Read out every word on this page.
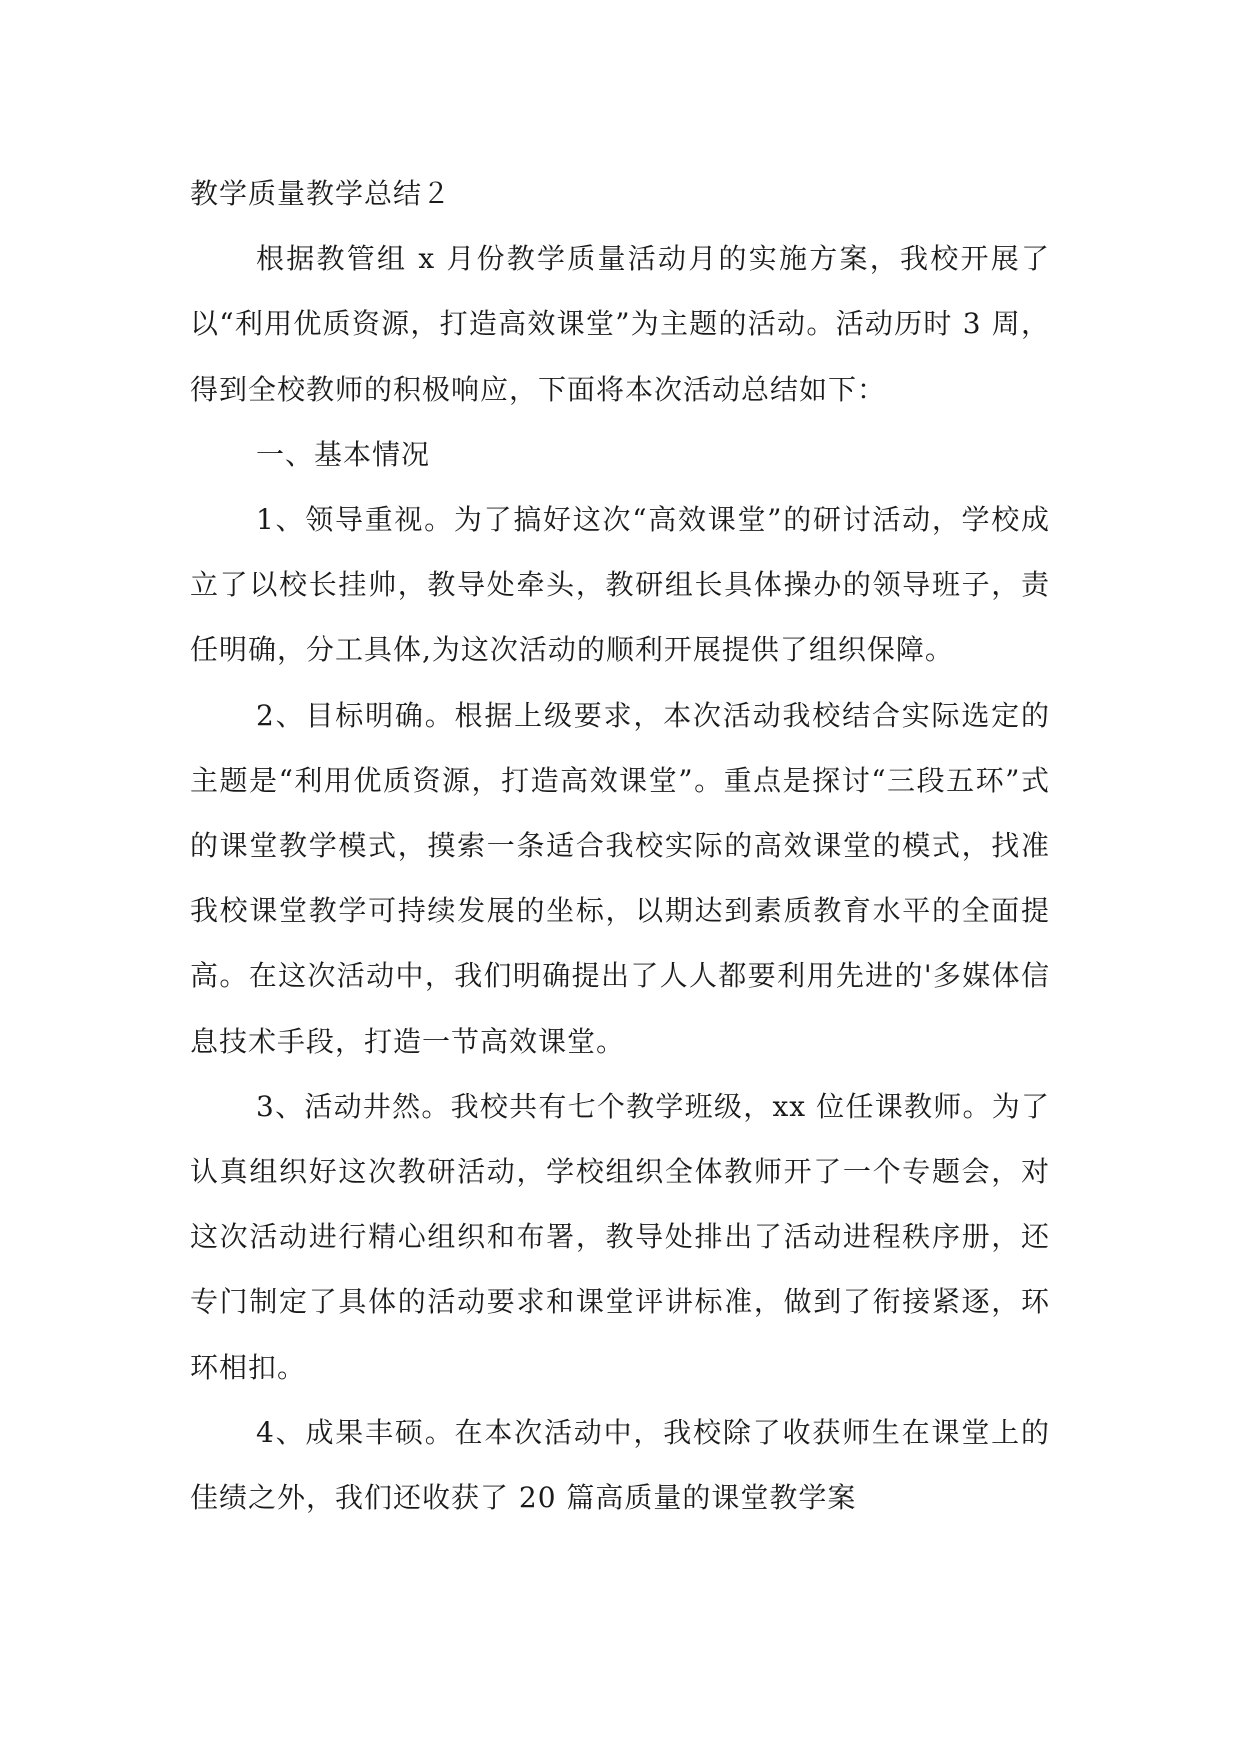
教学质量教学总结２

根据教管组 x 月份教学质量活动月的实施方案，我校开展了以“利用优质资源，打造高效课堂”为主题的活动。活动历时 3 周，得到全校教师的积极响应，下面将本次活动总结如下：

一、基本情况

1、领导重视。为了搞好这次“高效课堂”的研讨活动，学校成立了以校长挂帅，教导处牵头，教研组长具体操办的领导班子，责任明确，分工具体,为这次活动的顺利开展提供了组织保障。

2、目标明确。根据上级要求，本次活动我校结合实际选定的主题是“利用优质资源，打造高效课堂”。重点是探讨“三段五环”式的课堂教学模式，摸索一条适合我校实际的高效课堂的模式，找准我校课堂教学可持续发展的坐标，以期达到素质教育水平的全面提高。在这次活动中，我们明确提出了人人都要利用先进的'多媒体信息技术手段，打造一节高效课堂。

3、活动井然。我校共有七个教学班级，xx 位任课教师。为了认真组织好这次教研活动，学校组织全体教师开了一个专题会，对这次活动进行精心组织和布署，教导处排出了活动进程秩序册，还专门制定了具体的活动要求和课堂评讲标准，做到了衔接紧逐，环环相扣。

4、成果丰硕。在本次活动中，我校除了收获师生在课堂上的佳绩之外，我们还收获了 20 篇高质量的课堂教学案
